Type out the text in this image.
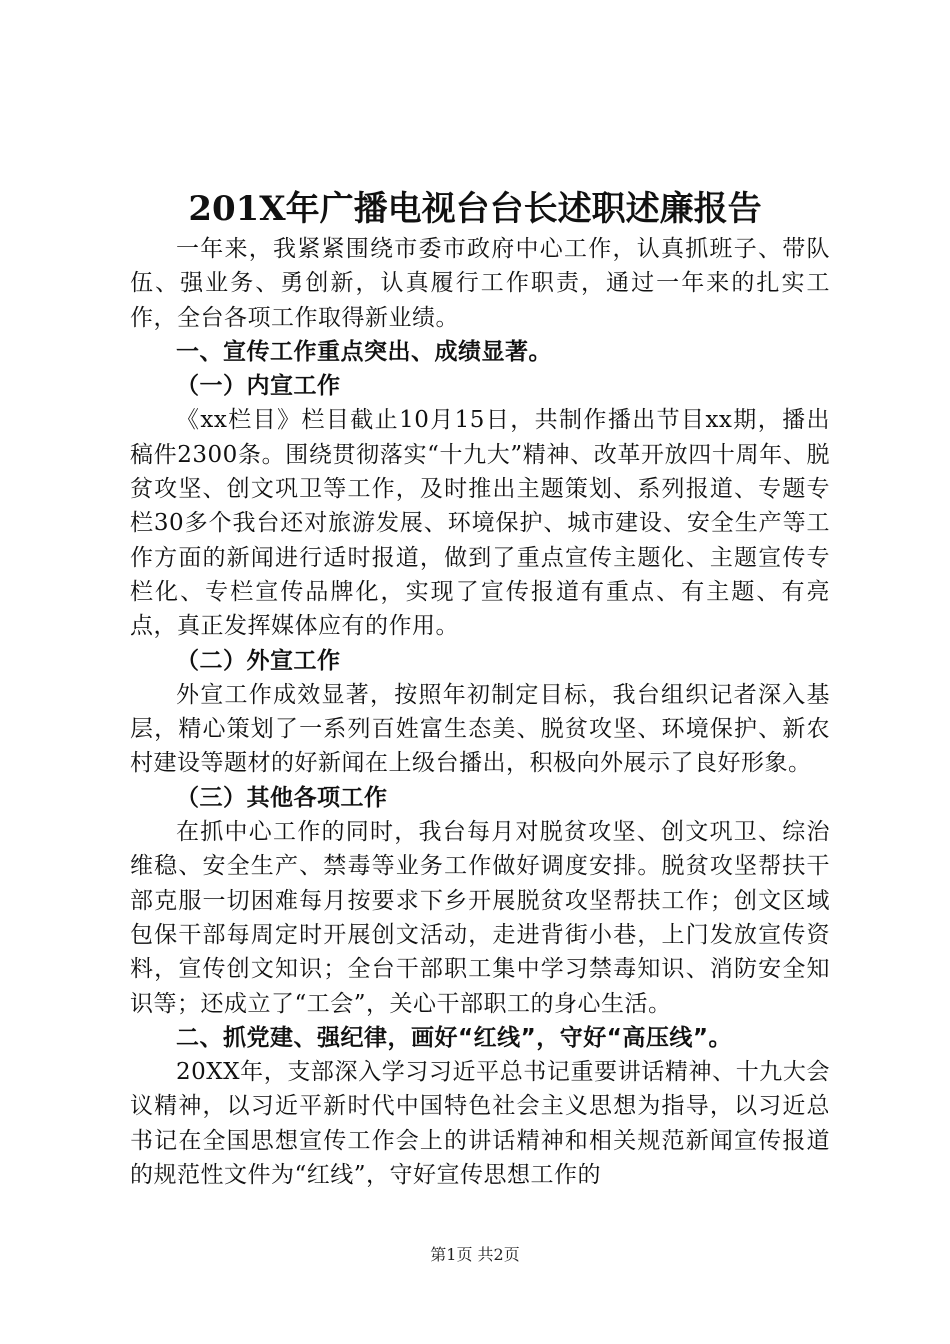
201X年广播电视台台长述职述廉报告

一年来，我紧紧围绕市委市政府中心工作，认真抓班子、带队伍、强业务、勇创新，认真履行工作职责，通过一年来的扎实工作，全台各项工作取得新业绩。

一、宣传工作重点突出、成绩显著。

（一）内宣工作

《xx栏目》栏目截止10月15日，共制作播出节目xx期，播出稿件2300条。围绕贯彻落实“十九大”精神、改革开放四十周年、脱贫攻坚、创文巩卫等工作，及时推出主题策划、系列报道、专题专栏30多个我台还对旅游发展、环境保护、城市建设、安全生产等工作方面的新闻进行适时报道，做到了重点宣传主题化、主题宣传专栏化、专栏宣传品牌化，实现了宣传报道有重点、有主题、有亮点，真正发挥媒体应有的作用。

（二）外宣工作

外宣工作成效显著，按照年初制定目标，我台组织记者深入基层，精心策划了一系列百姓富生态美、脱贫攻坚、环境保护、新农村建设等题材的好新闻在上级台播出，积极向外展示了良好形象。

（三）其他各项工作

在抓中心工作的同时，我台每月对脱贫攻坚、创文巩卫、综治维稳、安全生产、禁毒等业务工作做好调度安排。脱贫攻坚帮扶干部克服一切困难每月按要求下乡开展脱贫攻坚帮扶工作；创文区域包保干部每周定时开展创文活动，走进背街小巷，上门发放宣传资料，宣传创文知识；全台干部职工集中学习禁毒知识、消防安全知识等；还成立了“工会”，关心干部职工的身心生活。

二、抓党建、强纪律，画好“红线”，守好“高压线”。

20XX年，支部深入学习习近平总书记重要讲话精神、十九大会议精神，以习近平新时代中国特色社会主义思想为指导，以习近总书记在全国思想宣传工作会上的讲话精神和相关规范新闻宣传报道的规范性文件为“红线”，守好宣传思想工作的

第1页 共2页
